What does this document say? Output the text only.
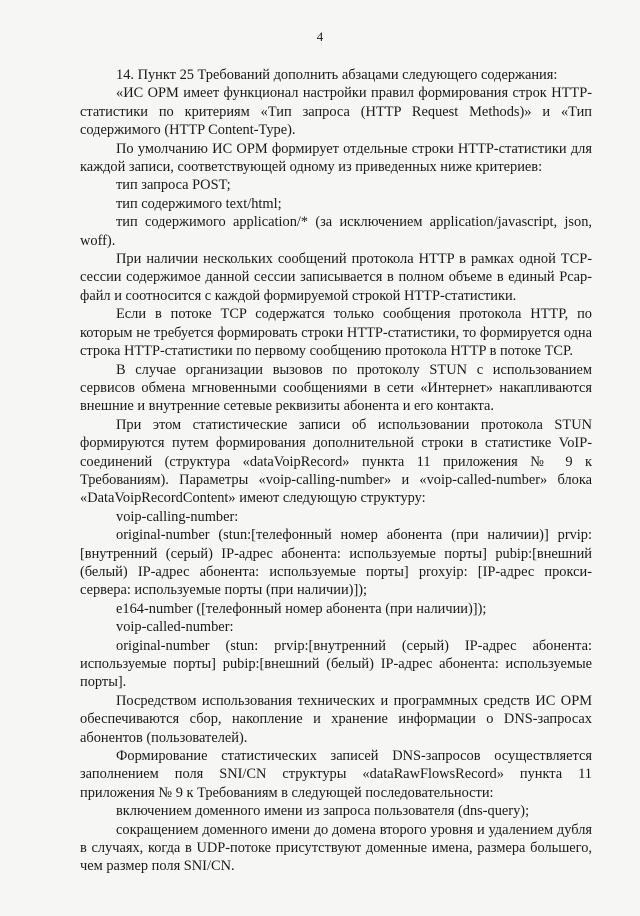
4

14. Пункт 25 Требований дополнить абзацами следующего содержания:

«ИС ОРМ имеет функционал настройки правил формирования строк HTTP-статистики по критериям «Тип запроса (HTTP Request Methods)» и «Тип содержимого (HTTP Content-Type).

По умолчанию ИС ОРМ формирует отдельные строки HTTP-статистики для каждой записи, соответствующей одному из приведенных ниже критериев:

тип запроса POST;

тип содержимого text/html;

тип содержимого application/* (за исключением application/javascript, json, woff).

При наличии нескольких сообщений протокола HTTP в рамках одной TCP-сессии содержимое данной сессии записывается в полном объеме в единый Pcap-файл и соотносится с каждой формируемой строкой HTTP-статистики.

Если в потоке TCP содержатся только сообщения протокола HTTP, по которым не требуется формировать строки HTTP-статистики, то формируется одна строка HTTP-статистики по первому сообщению протокола HTTP в потоке TCP.

В случае организации вызовов по протоколу STUN с использованием сервисов обмена мгновенными сообщениями в сети «Интернет» накапливаются внешние и внутренние сетевые реквизиты абонента и его контакта.

При этом статистические записи об использовании протокола STUN формируются путем формирования дополнительной строки в статистике VoIP-соединений (структура «dataVoipRecord» пункта 11 приложения № 9 к Требованиям). Параметры «voip-calling-number» и «voip-called-number» блока «DataVoipRecordContent» имеют следующую структуру:

voip-calling-number:

original-number (stun:[телефонный номер абонента (при наличии)] prvip:[внутренний (серый) IP-адрес абонента: используемые порты] pubip:[внешний (белый) IP-адрес абонента: используемые порты] proxyip: [IP-адрес прокси-сервера: используемые порты (при наличии)]);

e164-number ([телефонный номер абонента (при наличии)]);

voip-called-number:

original-number (stun: prvip:[внутренний (серый) IP-адрес абонента: используемые порты] pubip:[внешний (белый) IP-адрес абонента: используемые порты].

Посредством использования технических и программных средств ИС ОРМ обеспечиваются сбор, накопление и хранение информации о DNS-запросах абонентов (пользователей).

Формирование статистических записей DNS-запросов осуществляется заполнением поля SNI/CN структуры «dataRawFlowsRecord» пункта 11 приложения № 9 к Требованиям в следующей последовательности:

включением доменного имени из запроса пользователя (dns-query);

сокращением доменного имени до домена второго уровня и удалением дубля в случаях, когда в UDP-потоке присутствуют доменные имена, размера большего, чем размер поля SNI/CN.
